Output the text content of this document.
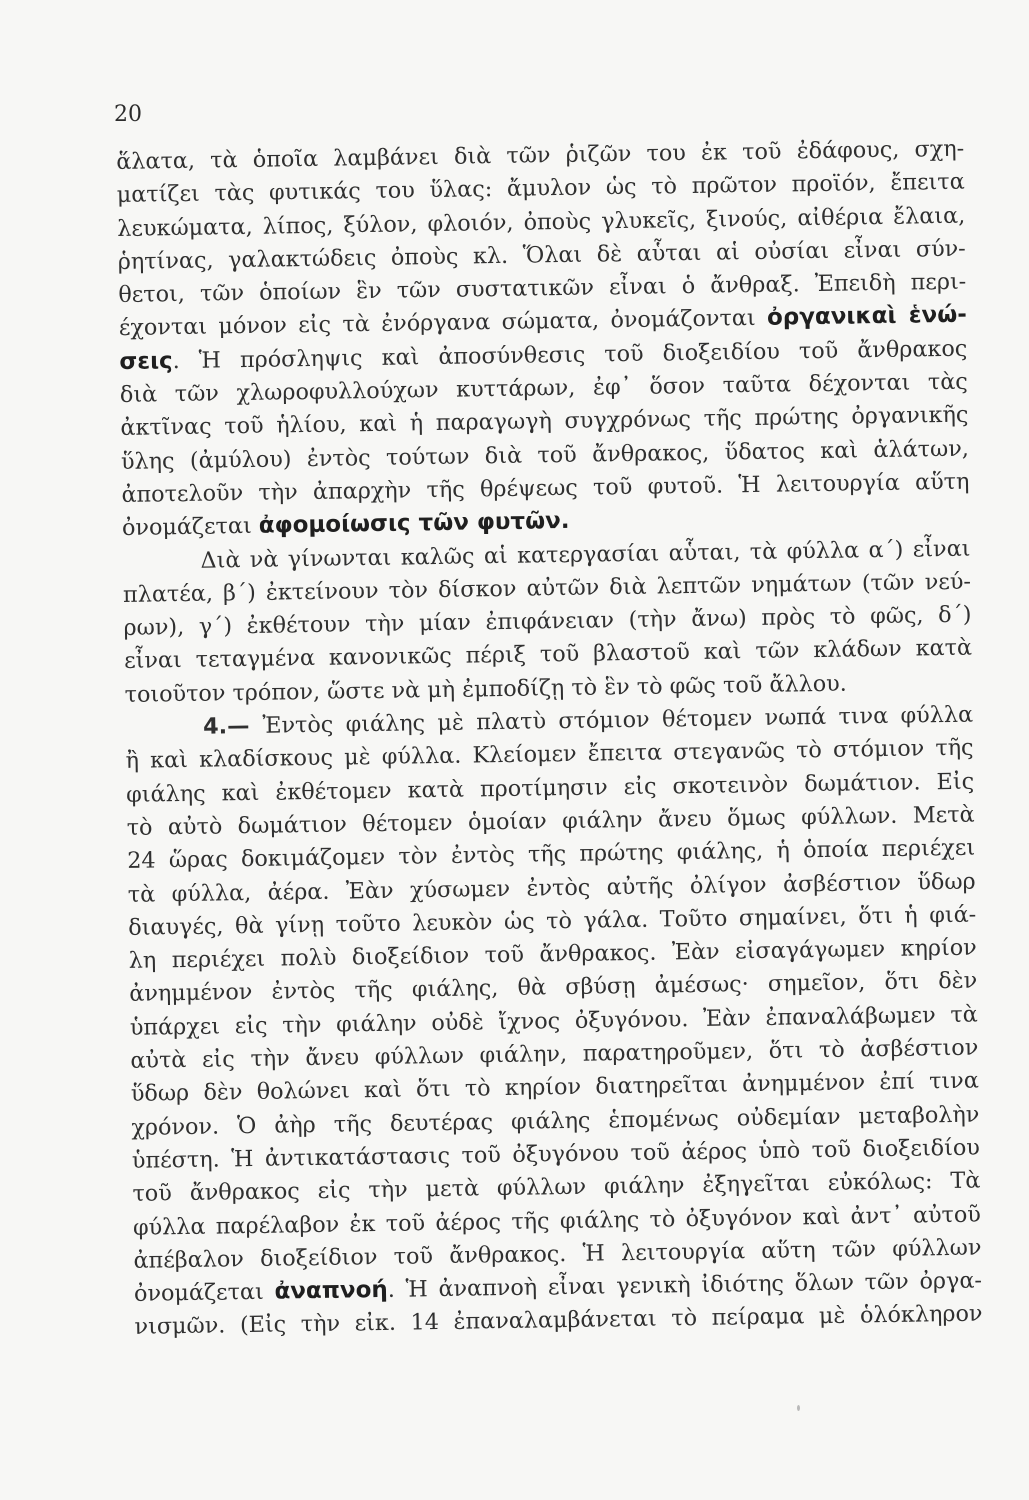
20
ἅλατα, τὰ ὁποῖα λαμβάνει διὰ τῶν ῥιζῶν του ἐκ τοῦ ἐδάφους, σχη-
ματίζει τὰς φυτικάς του ὕλας: ἄμυλον ὡς τὸ πρῶτον προϊόν, ἔπειτα
λευκώματα, λίπος, ξύλον, φλοιόν, ὀποὺς γλυκεῖς, ξινούς, αἰθέρια ἔλαια,
ῥητίνας, γαλακτώδεις ὀποὺς κλ. Ὅλαι δὲ αὗται αἱ οὐσίαι εἶναι σύν-
θετοι, τῶν ὁποίων ἓν τῶν συστατικῶν εἶναι ὁ ἄνθραξ. Ἐπειδὴ περι-
έχονται μόνον εἰς τὰ ἐνόργανα σώματα, ὀνομάζονται ὀργανικαὶ ἑνώ-
σεις. Ἡ πρόσληψις καὶ ἀποσύνθεσις τοῦ διοξειδίου τοῦ ἄνθρακος
διὰ τῶν χλωροφυλλούχων κυττάρων, ἐφ᾽ ὅσον ταῦτα δέχονται τὰς
ἀκτῖνας τοῦ ἡλίου, καὶ ἡ παραγωγὴ συγχρόνως τῆς πρώτης ὀργανικῆς
ὕλης (ἀμύλου) ἐντὸς τούτων διὰ τοῦ ἄνθρακος, ὕδατος καὶ ἁλάτων,
ἀποτελοῦν τὴν ἀπαρχὴν τῆς θρέψεως τοῦ φυτοῦ. Ἡ λειτουργία αὕτη
ὀνομάζεται ἀφομοίωσις τῶν φυτῶν.
Διὰ νὰ γίνωνται καλῶς αἱ κατεργασίαι αὗται, τὰ φύλλα α΄) εἶναι
πλατέα, β΄) ἐκτείνουν τὸν δίσκον αὐτῶν διὰ λεπτῶν νημάτων (τῶν νεύ-
ρων), γ΄) ἐκθέτουν τὴν μίαν ἐπιφάνειαν (τὴν ἄνω) πρὸς τὸ φῶς, δ΄)
εἶναι τεταγμένα κανονικῶς πέριξ τοῦ βλαστοῦ καὶ τῶν κλάδων κατὰ
τοιοῦτον τρόπον, ὥστε νὰ μὴ ἐμποδίζῃ τὸ ἓν τὸ φῶς τοῦ ἄλλου.
4.— Ἐντὸς φιάλης μὲ πλατὺ στόμιον θέτομεν νωπά τινα φύλλα
ἢ καὶ κλαδίσκους μὲ φύλλα. Κλείομεν ἔπειτα στεγανῶς τὸ στόμιον τῆς
φιάλης καὶ ἐκθέτομεν κατὰ προτίμησιν εἰς σκοτεινὸν δωμάτιον. Εἰς
τὸ αὐτὸ δωμάτιον θέτομεν ὁμοίαν φιάλην ἄνευ ὅμως φύλλων. Μετὰ
24 ὥρας δοκιμάζομεν τὸν ἐντὸς τῆς πρώτης φιάλης, ἡ ὁποία περιέχει
τὰ φύλλα, ἀέρα. Ἐὰν χύσωμεν ἐντὸς αὐτῆς ὀλίγον ἀσβέστιον ὕδωρ
διαυγές, θὰ γίνῃ τοῦτο λευκὸν ὡς τὸ γάλα. Τοῦτο σημαίνει, ὅτι ἡ φιά-
λη περιέχει πολὺ διοξείδιον τοῦ ἄνθρακος. Ἐὰν εἰσαγάγωμεν κηρίον
ἀνημμένον ἐντὸς τῆς φιάλης, θὰ σβύσῃ ἀμέσως· σημεῖον, ὅτι δὲν
ὑπάρχει εἰς τὴν φιάλην οὐδὲ ἴχνος ὀξυγόνου. Ἐὰν ἐπαναλάβωμεν τὰ
αὐτὰ εἰς τὴν ἄνευ φύλλων φιάλην, παρατηροῦμεν, ὅτι τὸ ἀσβέστιον
ὕδωρ δὲν θολώνει καὶ ὅτι τὸ κηρίον διατηρεῖται ἀνημμένον ἐπί τινα
χρόνον. Ὁ ἀὴρ τῆς δευτέρας φιάλης ἑπομένως οὐδεμίαν μεταβολὴν
ὑπέστη. Ἡ ἀντικατάστασις τοῦ ὀξυγόνου τοῦ ἀέρος ὑπὸ τοῦ διοξειδίου
τοῦ ἄνθρακος εἰς τὴν μετὰ φύλλων φιάλην ἐξηγεῖται εὐκόλως: Τὰ
φύλλα παρέλαβον ἐκ τοῦ ἀέρος τῆς φιάλης τὸ ὀξυγόνον καὶ ἀντ᾽ αὐτοῦ
ἀπέβαλον διοξείδιον τοῦ ἄνθρακος. Ἡ λειτουργία αὕτη τῶν φύλλων
ὀνομάζεται ἀναπνοή. Ἡ ἀναπνοὴ εἶναι γενικὴ ἰδιότης ὅλων τῶν ὀργα-
νισμῶν. (Εἰς τὴν εἰκ. 14 ἐπαναλαμβάνεται τὸ πείραμα μὲ ὁλόκληρον
